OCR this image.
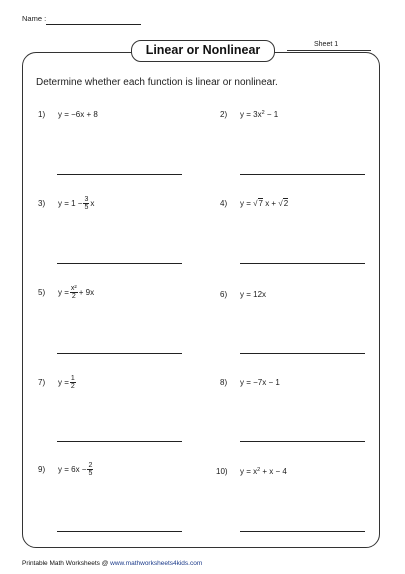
Name :
Linear or Nonlinear	Sheet 1
Determine whether each function is linear or nonlinear.
1)	y = −6x + 8	2)	$y = 3x^2 - 1$
3)	$y = 1 - \frac{3}{5}$ x	4)	y = √7 x + √2
5)	$y = \frac{\text{x²}}{2} + 9x$	6)	y = 12x
7)	$y = \frac{1}{2}$	8)	y = −7x − 1
9)	$y = 6x - \frac{2}{5}$	10)	$y = x^2 + x - 4$
Printable Math Worksheets @ www.mathworksheets4kids.com
